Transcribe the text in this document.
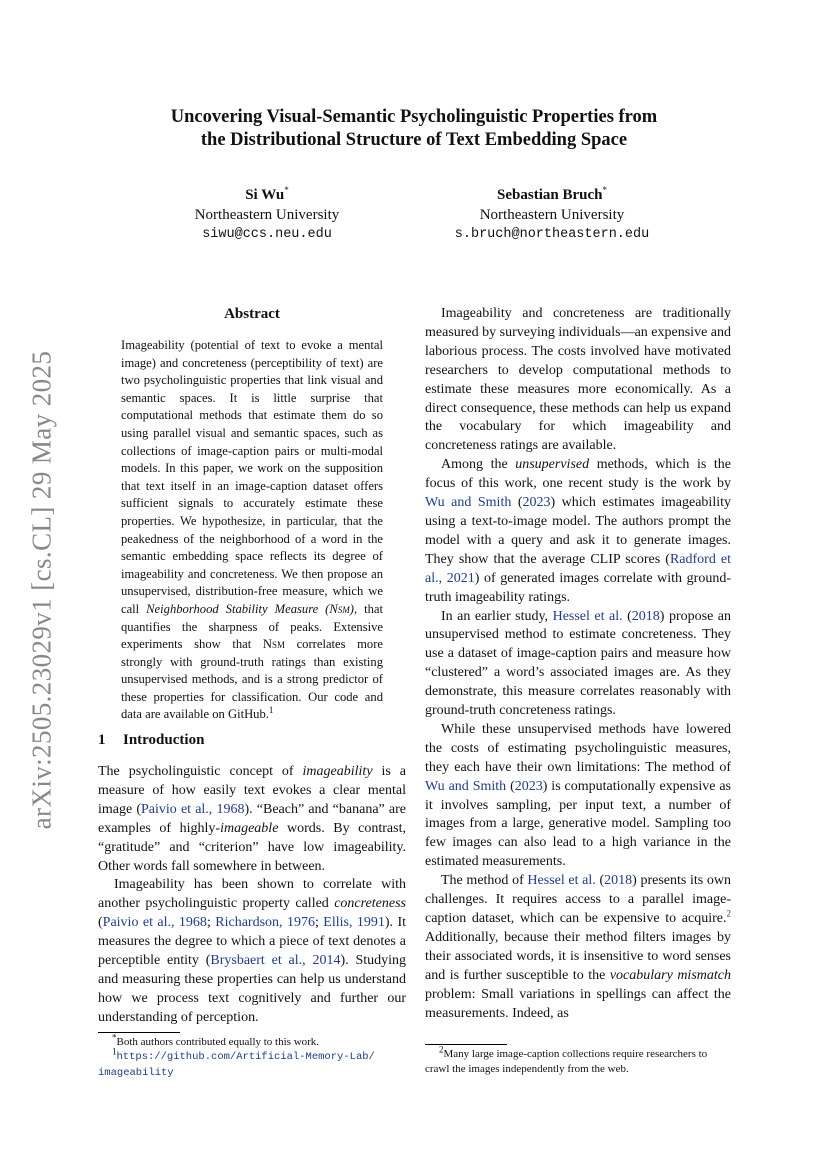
arXiv:2505.23029v1 [cs.CL] 29 May 2025
Uncovering Visual-Semantic Psycholinguistic Properties from
the Distributional Structure of Text Embedding Space
Si Wu*
Northeastern University
siwu@ccs.neu.edu
Sebastian Bruch*
Northeastern University
s.bruch@northeastern.edu
Abstract

Imageability (potential of text to evoke a mental image) and concreteness (perceptibility of text) are two psycholinguistic properties that link visual and semantic spaces. It is little surprise that computational methods that estimate them do so using parallel visual and semantic spaces, such as collections of image-caption pairs or multi-modal models. In this paper, we work on the supposition that text itself in an image-caption dataset offers sufficient signals to accurately estimate these properties. We hypothesize, in particular, that the peakedness of the neighborhood of a word in the semantic embedding space reflects its degree of imageability and concreteness. We then propose an unsupervised, distribution-free measure, which we call Neighborhood Stability Measure (Nsm), that quantifies the sharpness of peaks. Extensive experiments show that Nsm correlates more strongly with ground-truth ratings than existing unsupervised methods, and is a strong predictor of these properties for classification. Our code and data are available on GitHub.$^1$

1 Introduction

The psycholinguistic concept of imageability is a measure of how easily text evokes a clear mental image (Paivio et al., 1968). “Beach” and “banana” are examples of highly-imageable words. By contrast, “gratitude” and “criterion” have low imageability. Other words fall somewhere in between.

Imageability has been shown to correlate with another psycholinguistic property called concreteness (Paivio et al., 1968; Richardson, 1976; Ellis, 1991). It measures the degree to which a piece of text denotes a perceptible entity (Brysbaert et al., 2014). Studying and measuring these properties can help us understand how we process text cognitively and further our understanding of perception.

*Both authors contributed equally to this work.

$^1$https://github.com/Artificial-Memory-Lab/
imageability

Imageability and concreteness are traditionally measured by surveying individuals—an expensive and laborious process. The costs involved have motivated researchers to develop computational methods to estimate these measures more economically. As a direct consequence, these methods can help us expand the vocabulary for which imageability and concreteness ratings are available.

Among the unsupervised methods, which is the focus of this work, one recent study is the work by Wu and Smith (2023) which estimates imageability using a text-to-image model. The authors prompt the model with a query and ask it to generate images. They show that the average CLIP scores (Radford et al., 2021) of generated images correlate with ground-truth imageability ratings.

In an earlier study, Hessel et al. (2018) propose an unsupervised method to estimate concreteness. They use a dataset of image-caption pairs and measure how “clustered” a word’s associated images are. As they demonstrate, this measure correlates reasonably with ground-truth concreteness ratings.

While these unsupervised methods have lowered the costs of estimating psycholinguistic measures, they each have their own limitations: The method of Wu and Smith (2023) is computationally expensive as it involves sampling, per input text, a number of images from a large, generative model. Sampling too few images can also lead to a high variance in the estimated measurements.

The method of Hessel et al. (2018) presents its own challenges. It requires access to a parallel image-caption dataset, which can be expensive to acquire.$^2$ Additionally, because their method filters images by their associated words, it is insensitive to word senses and is further susceptible to the vocabulary mismatch problem: Small variations in spellings can affect the measurements. Indeed, as

$^2$Many large image-caption collections require researchers to crawl the images independently from the web.
